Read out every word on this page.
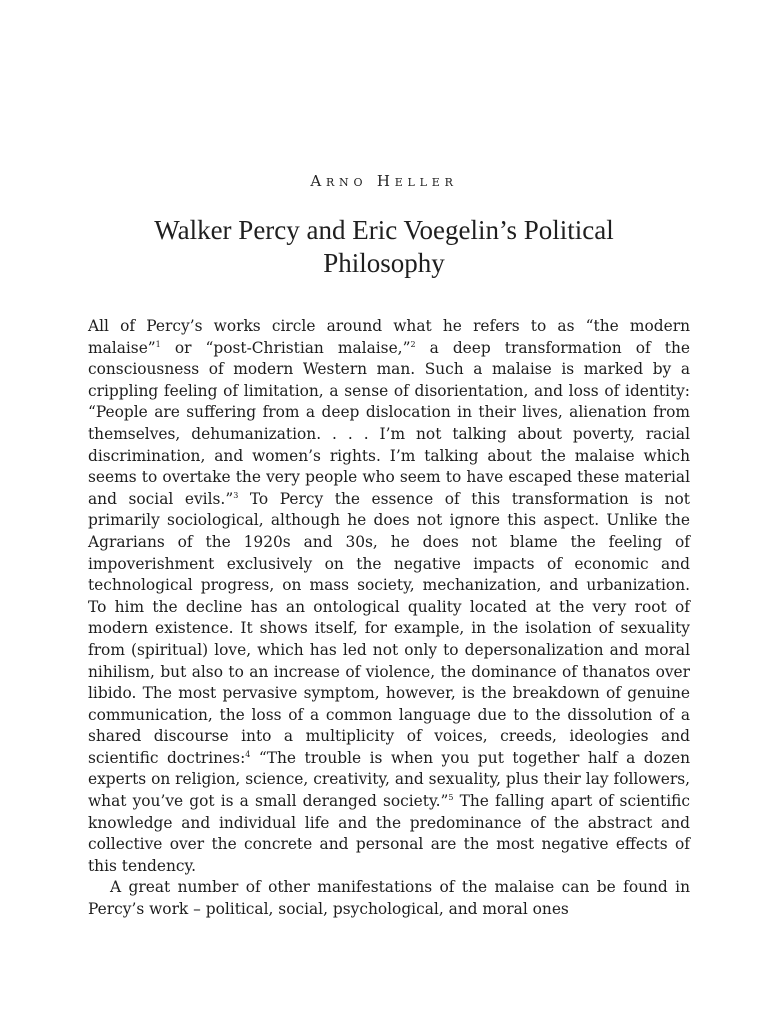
Arno Heller
Walker Percy and Eric Voegelin’s Political Philosophy

All of Percy’s works circle around what he refers to as “the modern malaise”$^1$ or “post-Christian malaise,”$^2$ a deep transformation of the consciousness of modern Western man. Such a malaise is marked by a crippling feeling of limitation, a sense of disorientation, and loss of identity: “People are suffering from a deep dislocation in their lives, alienation from themselves, dehumanization. . . . I’m not talking about poverty, racial discrimination, and women’s rights. I’m talking about the malaise which seems to overtake the very people who seem to have escaped these material and social evils.”$^3$ To Percy the essence of this transformation is not primarily sociological, although he does not ignore this aspect. Unlike the Agrarians of the 1920s and 30s, he does not blame the feeling of impoverishment exclusively on the negative impacts of economic and technological progress, on mass society, mechanization, and urbanization. To him the decline has an ontological quality located at the very root of modern existence. It shows itself, for example, in the isolation of sexuality from (spiritual) love, which has led not only to depersonalization and moral nihilism, but also to an increase of violence, the dominance of thanatos over libido. The most pervasive symptom, however, is the breakdown of genuine communication, the loss of a common language due to the dissolution of a shared discourse into a multiplicity of voices, creeds, ideologies and scientific doctrines:$^4$ “The trouble is when you put together half a dozen experts on religion, science, creativity, and sexuality, plus their lay followers, what you’ve got is a small deranged society.”$^5$ The falling apart of scientific knowledge and individual life and the predominance of the abstract and collective over the concrete and personal are the most negative effects of this tendency.

A great number of other manifestations of the malaise can be found in Percy’s work – political, social, psychological, and moral ones
